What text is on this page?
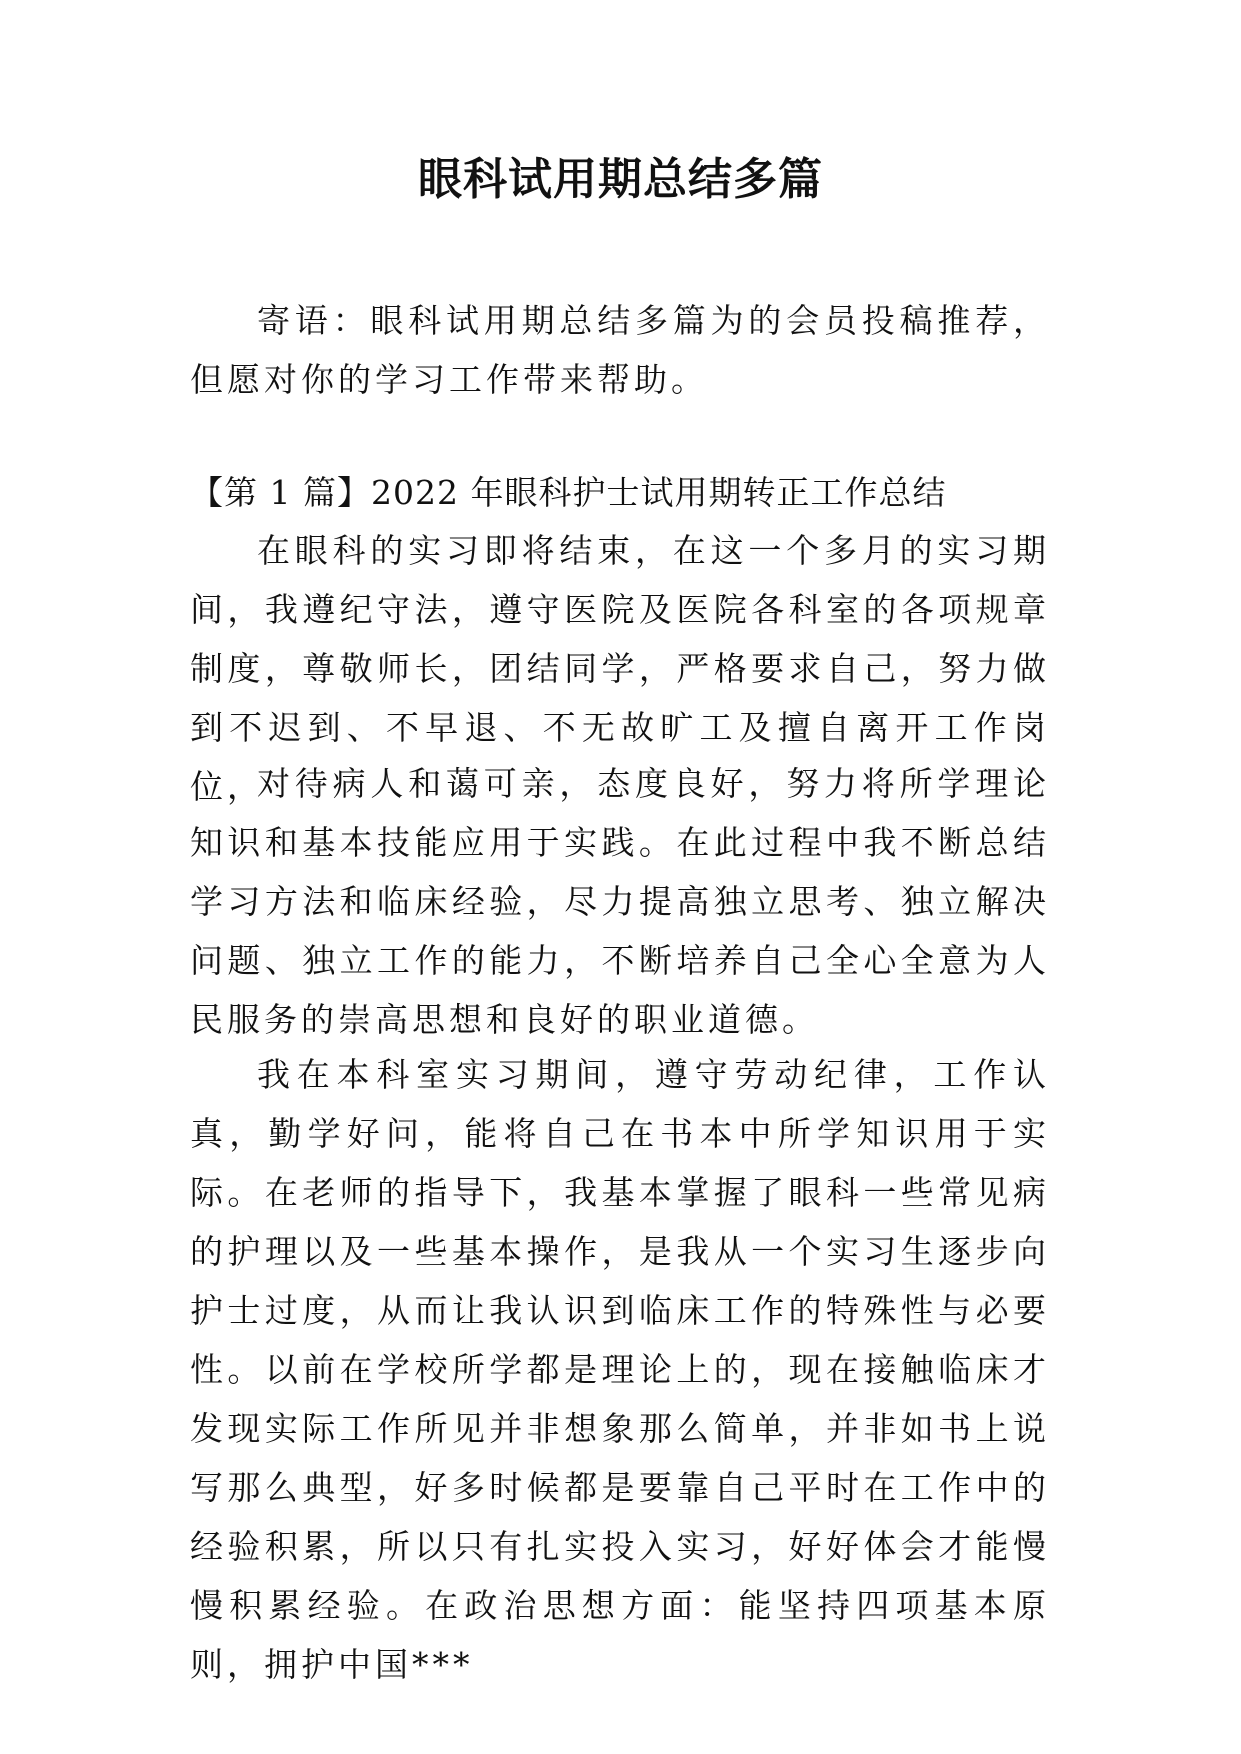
眼科试用期总结多篇

寄语：眼科试用期总结多篇为的会员投稿推荐，但愿对你的学习工作带来帮助。

【第 1 篇】2022 年眼科护士试用期转正工作总结

在眼科的实习即将结束，在这一个多月的实习期间，我遵纪守法，遵守医院及医院各科室的各项规章制度，尊敬师长，团结同学，严格要求自己，努力做到不迟到、不早退、不无故旷工及擅自离开工作岗位，

对待病人和蔼可亲，态度良好，努力将所学理论知识和基本技能应用于实践。在此过程中我不断总结学习方法和临床经验，尽力提高独立思考、独立解决问题、独立工作的能力，不断培养自己全心全意为人民服务的崇高思想和良好的职业道德。

我在本科室实习期间，遵守劳动纪律，工作认真，勤学好问，能将自己在书本中所学知识用于实际。在老师的指导下，我基本掌握了眼科一些常见病的护理以及一些基本操作，是我从一个实习生逐步向护士过度，从而让我认识到临床工作的特殊性与必要性。以前在学校所学都是理论上的，现在接触临床才发现实际工作所见并非想象那么简单，并非如书上说写那么典型，好多时候都是要靠自己平时在工作中的经验积累，所以只有扎实投入实习，好好体会才能慢慢积累经验。在政治思想方面：能坚持四项基本原则，拥护中国***
